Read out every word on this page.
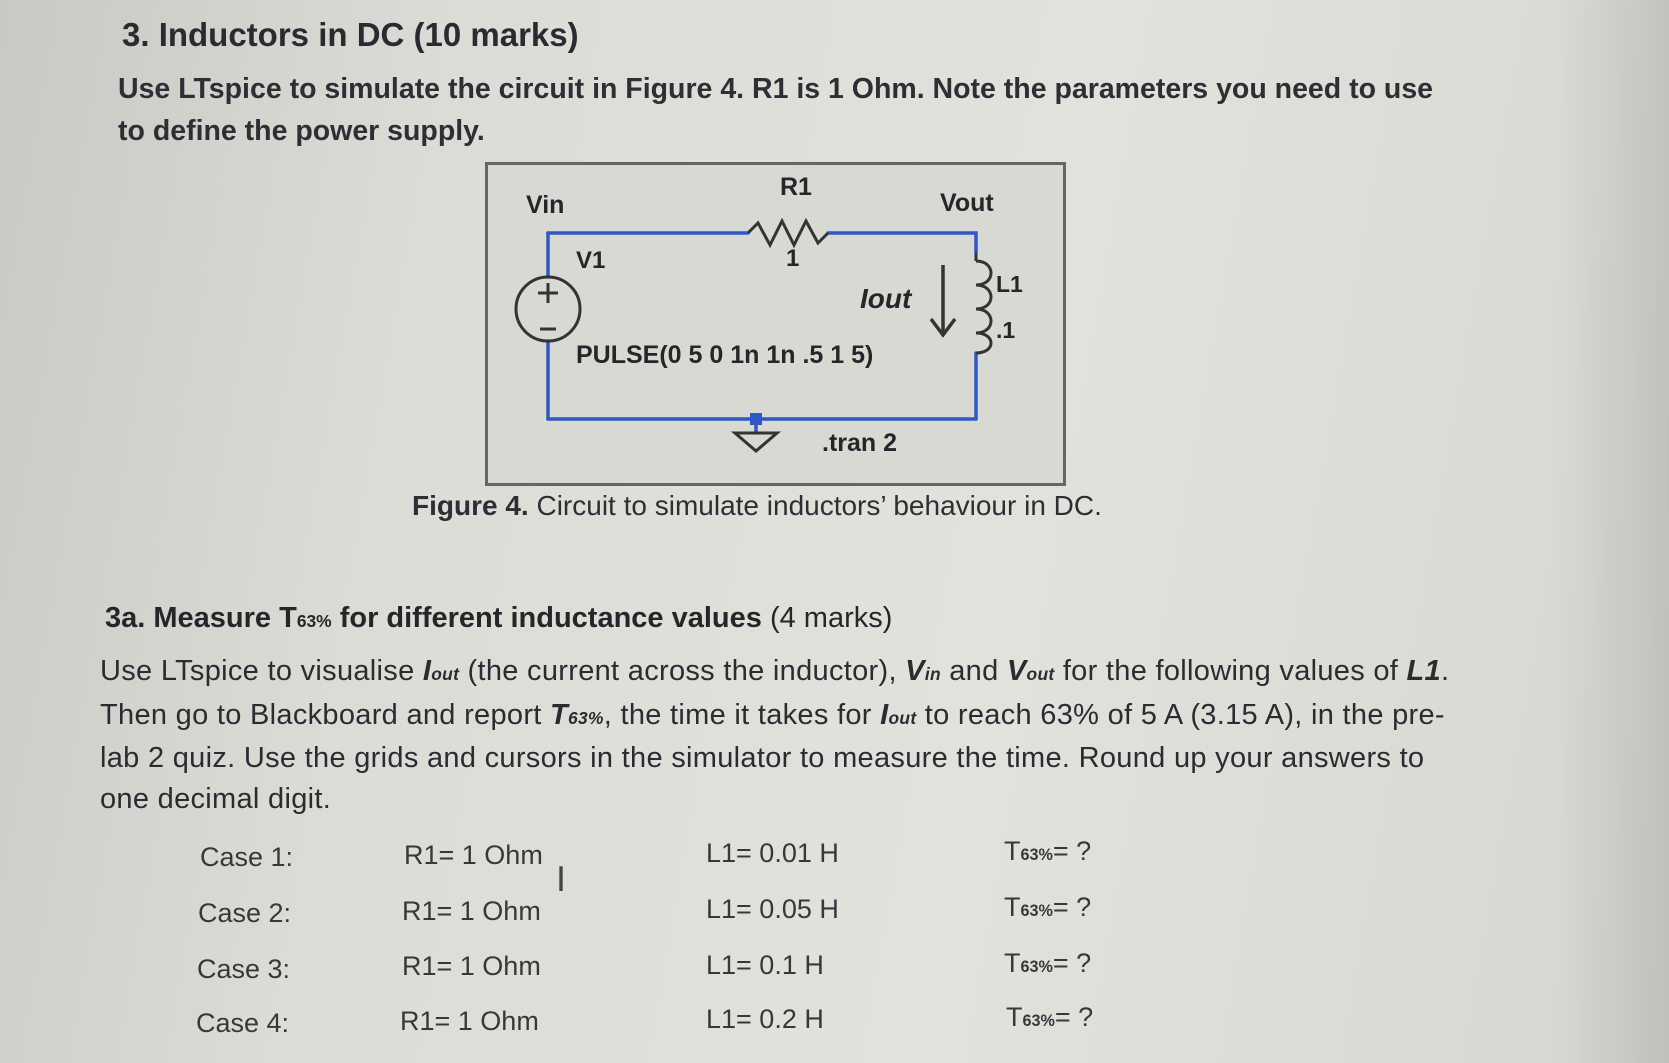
3. Inductors in DC (10 marks)
Use LTspice to simulate the circuit in Figure 4. R1 is 1 Ohm. Note the parameters you need to use to define the power supply.
Vin
R1
Vout
V1	1
Iout	L1
.1
PULSE(0 5 0 1n 1n .5 1 5)
.tran 2
Figure 4. Circuit to simulate inductors’ behaviour in DC.
3a. Measure T63% for different inductance values (4 marks)
Use LTspice to visualise Iout (the current across the inductor), Vin and Vout for the following values of L1. Then go to Blackboard and report T63%, the time it takes for Iout to reach 63% of 5 A (3.15 A), in the pre-lab 2 quiz. Use the grids and cursors in the simulator to measure the time. Round up your answers to one decimal digit.
Case 1:	R1= 1 Ohm	L1= 0.01 H	T63%= ?
Case 2:	R1= 1 Ohm	L1= 0.05 H	T63%= ?
Case 3:	R1= 1 Ohm	L1= 0.1 H	T63%= ?
Case 4:	R1= 1 Ohm	L1= 0.2 H	T63%= ?
I
